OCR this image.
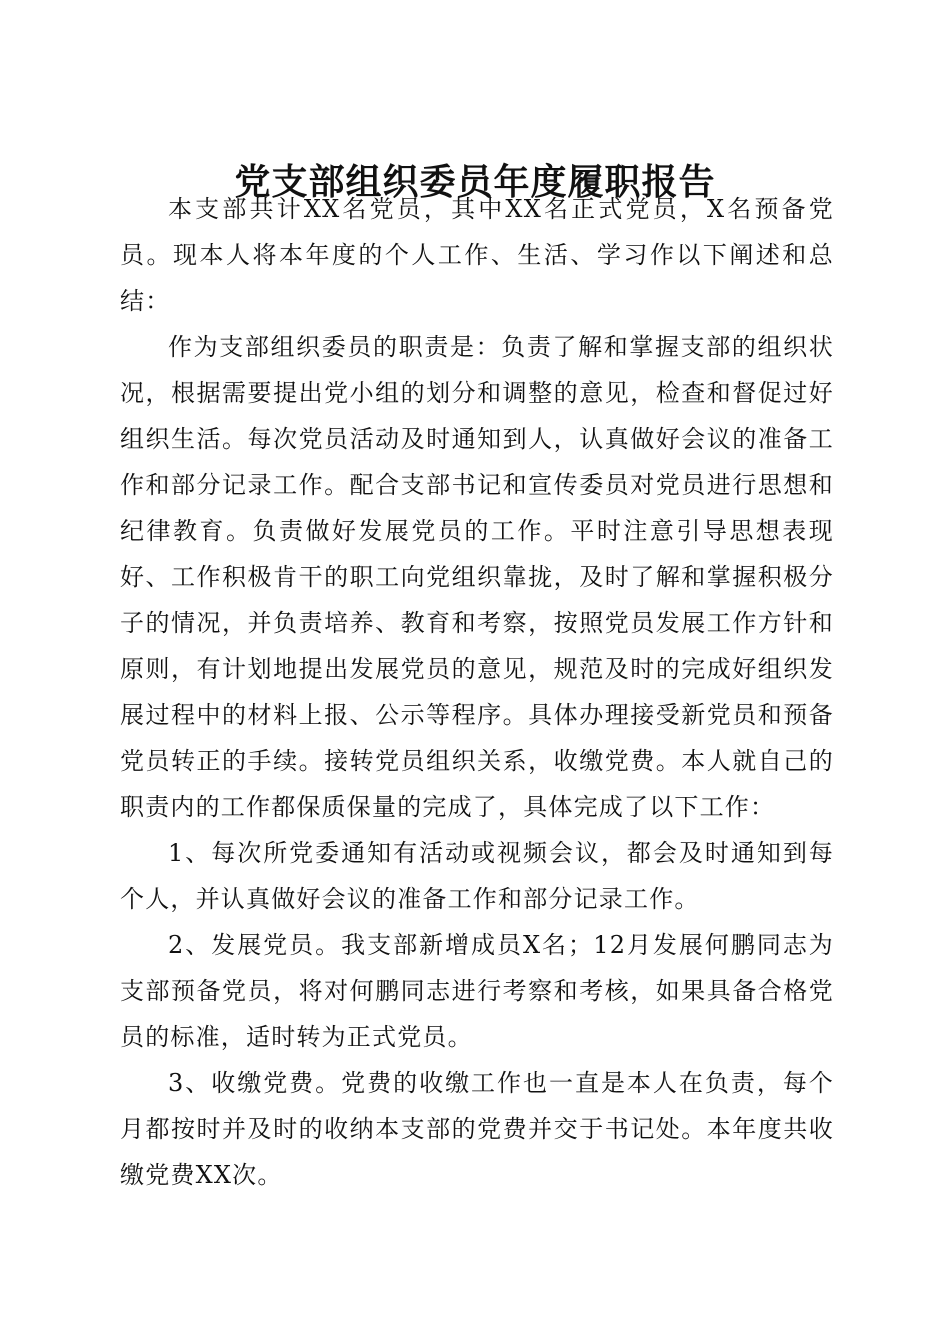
党支部组织委员年度履职报告

本支部共计XX名党员，其中XX名正式党员，X名预备党员。现本人将本年度的个人工作、生活、学习作以下阐述和总结：

作为支部组织委员的职责是：负责了解和掌握支部的组织状况，根据需要提出党小组的划分和调整的意见，检查和督促过好组织生活。每次党员活动及时通知到人，认真做好会议的准备工作和部分记录工作。配合支部书记和宣传委员对党员进行思想和纪律教育。负责做好发展党员的工作。平时注意引导思想表现好、工作积极肯干的职工向党组织靠拢，及时了解和掌握积极分子的情况，并负责培养、教育和考察，按照党员发展工作方针和原则，有计划地提出发展党员的意见，规范及时的完成好组织发展过程中的材料上报、公示等程序。具体办理接受新党员和预备党员转正的手续。接转党员组织关系，收缴党费。本人就自己的职责内的工作都保质保量的完成了，具体完成了以下工作：

1、每次所党委通知有活动或视频会议，都会及时通知到每个人，并认真做好会议的准备工作和部分记录工作。

2、发展党员。我支部新增成员X名；12月发展何鹏同志为支部预备党员，将对何鹏同志进行考察和考核，如果具备合格党员的标准，适时转为正式党员。

3、收缴党费。党费的收缴工作也一直是本人在负责，每个月都按时并及时的收纳本支部的党费并交于书记处。本年度共收缴党费XX次。
